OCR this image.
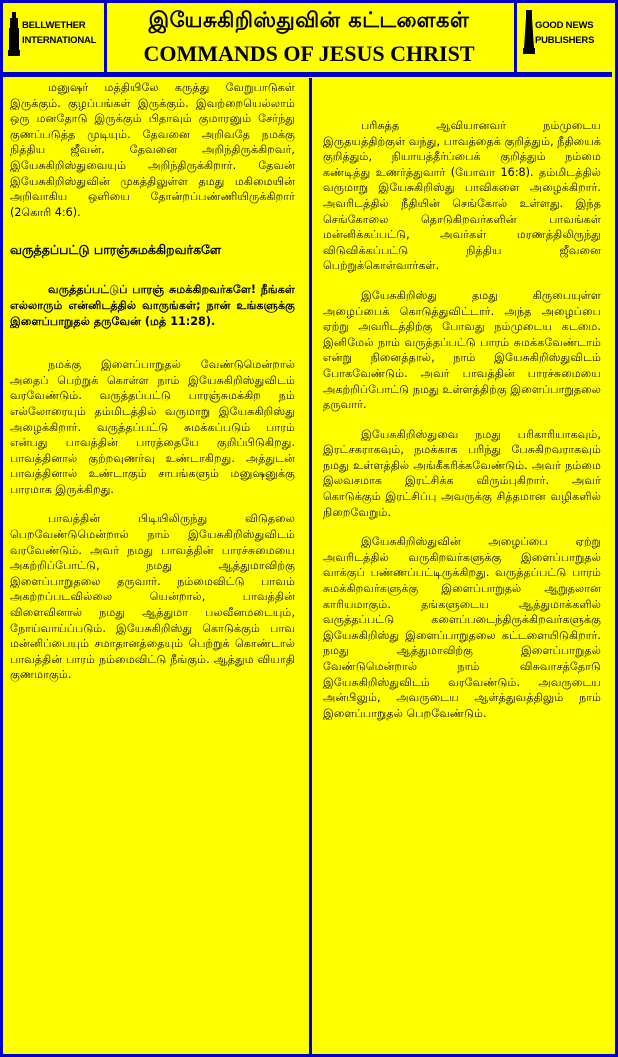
BELLWETHER
INTERNATIONAL
இயேசுகிறிஸ்துவின் கட்டளைகள்
COMMANDS OF JESUS CHRIST
GOOD NEWS
PUBLISHERS

மனுஷர் மத்தியிலே கருத்து வேறுபாடுகள் இருக்கும். குழப்பங்கள் இருக்கும். இவற்றையெல்லாம் ஒரு மனதோடு இருக்கும் பிதாவும் குமாரனும் சேர்ந்து குணப்படுத்த முடியும். தேவனை அறிவதே நமக்கு நித்திய ஜீவன். தேவனை அறிந்திருக்கிறவர், இயேசுகிறிஸ்துவையும் அறிந்திருக்கிறார். தேவன் இயேசுகிறிஸ்துவின் முகத்திலுள்ள தமது மகிமையின் அறிவாகிய ஒளியை தோன்றப்பண்ணியிருக்கிறார் (2கொரி 4:6).

வருத்தப்பட்டு பாரஞ்சுமக்கிறவர்களே

வருத்தப்பட்டுப் பாரஞ் சுமக்கிறவர்களே! நீங்கள் எல்லாரும் என்னிடத்தில் வாருங்கள்; நான் உங்களுக்கு இளைப்பாறுதல் தருவேன் (மத் 11:28).

நமக்கு இளைப்பாறுதல் வேண்டுமென்றால் அதைப் பெற்றுக் கொள்ள நாம் இயேசுகிறிஸ்துவிடம் வரவேண்டும். வருத்தப்பட்டு பாரஞ்சுமக்கிற நம் எல்லோரையும் தம்மிடத்தில் வருமாறு இயேசுகிறிஸ்து அழைக்கிறார். வருத்தப்பட்டு சுமக்கப்படும் பாரம் என்பது பாவத்தின் பாரத்தையே குறிப்பிடுகிறது. பாவத்தினால் குற்றவுணர்வு உண்டாகிறது. அத்துடன் பாவத்தினால் உண்டாகும் சாபங்களும் மனுஷனுக்கு பாரமாக இருக்கிறது.

பாவத்தின் பிடியிலிருந்து விடுதலை பெறவேண்டுமென்றால் நாம் இயேசுகிறிஸ்துவிடம் வரவேண்டும். அவர் நமது பாவத்தின் பாரச்சுமையை அகற்றிப்போட்டு, நமது ஆத்துமாவிற்கு இளைப்பாறுதலை தருவார். நம்மைவிட்டு பாவம் அகற்றப்படவில்லை யென்றால், பாவத்தின் விளைவினால் நமது ஆத்துமா பலவீனமடையும், நோய்வாய்ப்படும். இயேசுகிறிஸ்து கொடுக்கும் பாவ மன்னிப்பையும் சமாதானத்தையும் பெற்றுக் கொண்டால் பாவத்தின் பாரம் நம்மைவிட்டு நீங்கும். ஆத்தும வியாதி குணமாகும்.

பரிசுத்த ஆவியானவர் நம்முடைய இருதயத்திற்குள் வந்து, பாவத்தைக் குறித்தும், நீதியைக் குறித்தும், நியாயத்தீர்ப்பைக் குறித்தும் நம்மை கண்டித்து உணர்த்துவார் (யோவா 16:8). தம்மிடத்தில் வருமாறு இயேசுகிறிஸ்து பாவிகளை அழைக்கிறார். அவரிடத்தில் நீதியின் செங்கோல் உள்ளது. இந்த செங்கோலை தொடுகிறவர்களின் பாவங்கள் மன்னிக்கப்பட்டு, அவர்கள் மரணத்திலிருந்து விடுவிக்கப்பட்டு நித்திய ஜீவனை பெற்றுக்கொள்வார்கள்.

இயேசுகிறிஸ்து தமது கிருபையுள்ள அழைப்பைக் கொடுத்துவிட்டார். அந்த அழைப்பை ஏற்று அவரிடத்திற்கு போவது நம்முடைய கடமை. இனிமேல் நாம் வருத்தப்பட்டு பாரம் சுமக்கவேண்டாம் என்று நினைத்தால், நாம் இயேசுகிறிஸ்துவிடம் போகவேண்டும். அவர் பாவத்தின் பாரச்சுமையை அகற்றிப்போட்டு நமது உள்ளத்திற்கு இளைப்பாறுதலை தருவார்.

இயேசுகிறிஸ்துவை நமது பரிகாரியாகவும், இரட்சகராகவும், நமக்காக பரிந்து பேசுகிறவராகவும் நமது உள்ளத்தில் அங்கீகரிக்கவேண்டும். அவர் நம்மை இலவசமாக இரட்சிக்க விரும்புகிறார். அவர் கொடுக்கும் இரட்சிப்பு அவருக்கு சித்தமான வழிகளில் நிறைவேறும்.

இயேசுகிறிஸ்துவின் அழைப்பை ஏற்று அவரிடத்தில் வருகிறவர்களுக்கு இளைப்பாறுதல் வாக்குப் பண்ணப்பட்டிருக்கிறது. வருத்தப்பட்டு பாரம் சுமக்கிறவர்களுக்கு இளைப்பாறுதல் ஆறுதலான காரியமாகும். தங்களுடைய ஆத்துமாக்களில் வருத்தப்பட்டு களைப்படைந்திருக்கிறவர்களுக்கு இயேசுகிறிஸ்து இளைப்பாறுதலை கட்டளையிடுகிறார். நமது ஆத்துமாவிற்கு இளைப்பாறுதல் வேண்டுமென்றால் நாம் விசுவாசத்தோடு இயேசுகிறிஸ்துவிடம் வரவேண்டும். அவருடைய அன்பிலும், அவருடைய ஆள்த்துவத்திலும் நாம் இளைப்பாறுதல் பெறவேண்டும்.
